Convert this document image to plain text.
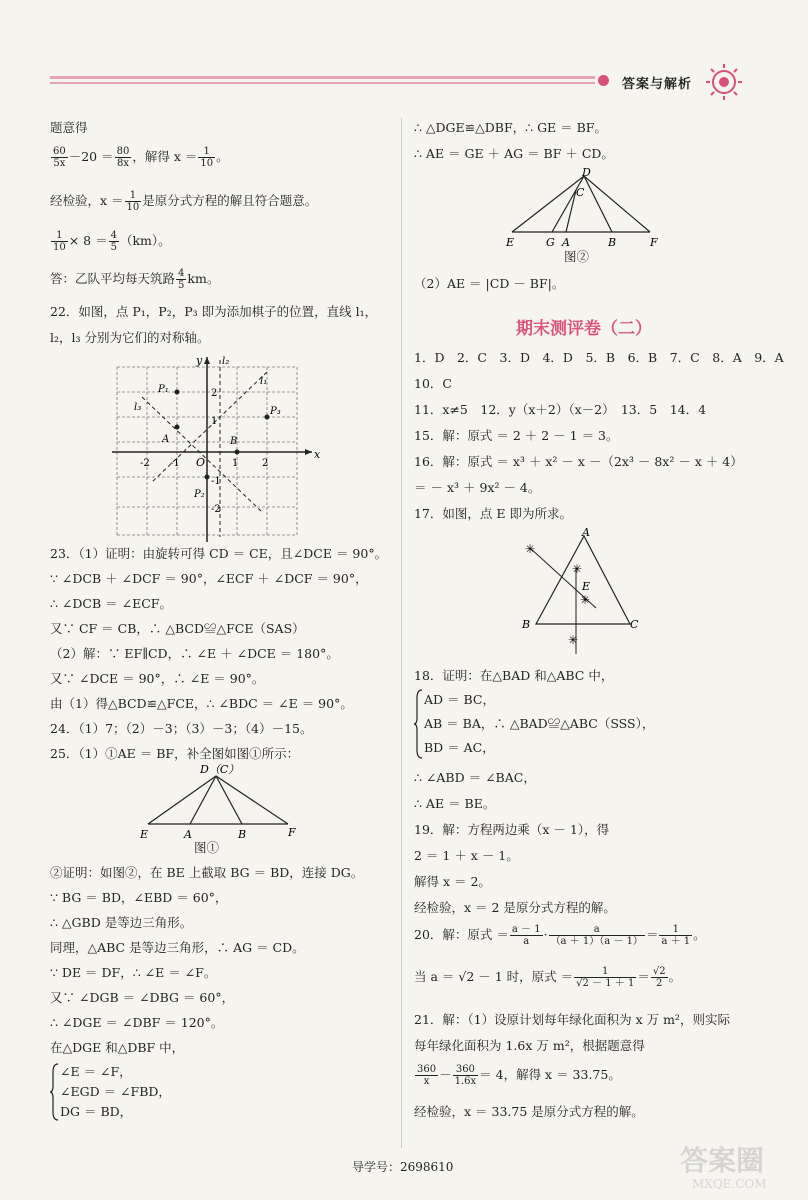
答案与解析
题意得
$\frac{60}{5x} -20 = \frac{80}{8x}$ ，解得 $x = \frac{1}{10}$ 。
经检验，$x = \frac{1}{10}$ 是原分式方程的解且符合题意。
$\frac{1}{10} \times 8 = \frac{4}{5} (km)$。
答：乙队平均每天筑路 $\frac{4}{5}$ km。
22．如图，点 P₁，P₂，P₃ 即为添加棋子的位置，直线 l₁，
l₂，l₃ 分别为它们的对称轴。
x
y
O
P₁
P₂
P₃
A	B
l₁
l₂
l₃
2
1
-1
-2
-1	1 2
-2
23．（1）证明：由旋转可得 CD ＝ CE，且∠DCE ＝ 90°。
∵ ∠DCB ＋ ∠DCF ＝ 90°，∠ECF ＋ ∠DCF ＝ 90°，
∴ ∠DCB ＝ ∠ECF。
又∵ CF ＝ CB，∴ △BCD≌△FCE（SAS）
（2）解：∵ EF∥CD，∴ ∠E ＋ ∠DCE ＝ 180°。
又∵ ∠DCE ＝ 90°，∴ ∠E ＝ 90°。
由（1）得△BCD≌△FCE，∴ ∠BDC ＝ ∠E ＝ 90°。
24．（1）7；（2）－3；（3）－3；（4）－15。
25．（1）①AE ＝ BF，补全图如图①所示：
D（C）
E	A	B	F
图①
②证明：如图②，在 BE 上截取 BG ＝ BD，连接 DG。
∵ BG ＝ BD，∠EBD ＝ 60°，
∴ △GBD 是等边三角形。
同理，△ABC 是等边三角形，∴ AG ＝ CD。
∵ DE ＝ DF，∴ ∠E ＝ ∠F。
又∵ ∠DGB ＝ ∠DBG ＝ 60°，
∴ ∠DGE ＝ ∠DBF ＝ 120°。
在△DGE 和△DBF 中，
∠E ＝ ∠F，
∠EGD ＝ ∠FBD，
DG ＝ BD，
∴ △DGE≌△DBF，∴ GE ＝ BF。
∴ AE ＝ GE ＋ AG ＝ BF ＋ CD。
D
C
E	G A	B	F
图②
（2）AE ＝ |CD － BF|。
期末测评卷（二）
1．D　2．C　3．D　4．D　5．B　6．B　7．C　8．A　9．A
10．C
11．x≠5　12．y（x＋2）（x－2）　13．5　14．4
15．解：原式 ＝ 2 ＋ 2 － 1 ＝ 3。
16．解：原式 ＝ x³ ＋ x² － x －（2x³ － 8x² － x ＋ 4）
＝ － x³ ＋ 9x² － 4。
17．如图，点 E 即为所求。
✳
✳
✳
✳
A
B	C
E
18．证明：在△BAD 和△ABC 中，
AD ＝ BC，
AB ＝ BA，∴ △BAD≌△ABC（SSS），
BD ＝ AC，
∴ ∠ABD ＝ ∠BAC，
∴ AE ＝ BE。
19．解：方程两边乘（x － 1），得
2 ＝ 1 ＋ x － 1。
解得 x ＝ 2。
经检验，x ＝ 2 是原分式方程的解。
20．解：原式 ＝ $\frac{a - 1}{a} \cdot \frac{a}{(a + 1)(a - 1)} = \frac{1}{a + 1}$ 。
当 a ＝ √2 － 1 时，原式 ＝ $\frac{1}{√2 - 1 + 1} = \frac{√2}{2}$ 。
21．解：（1）设原计划每年绿化面积为 x 万 m²，则实际
每年绿化面积为 1.6x 万 m²，根据题意得
$\frac{360}{x} - \frac{360}{1.6x} = 4$，解得 x ＝ 33.75。
经检验，x ＝ 33.75 是原分式方程的解。
导学号：2698610	答案圈
MXQE.COM
